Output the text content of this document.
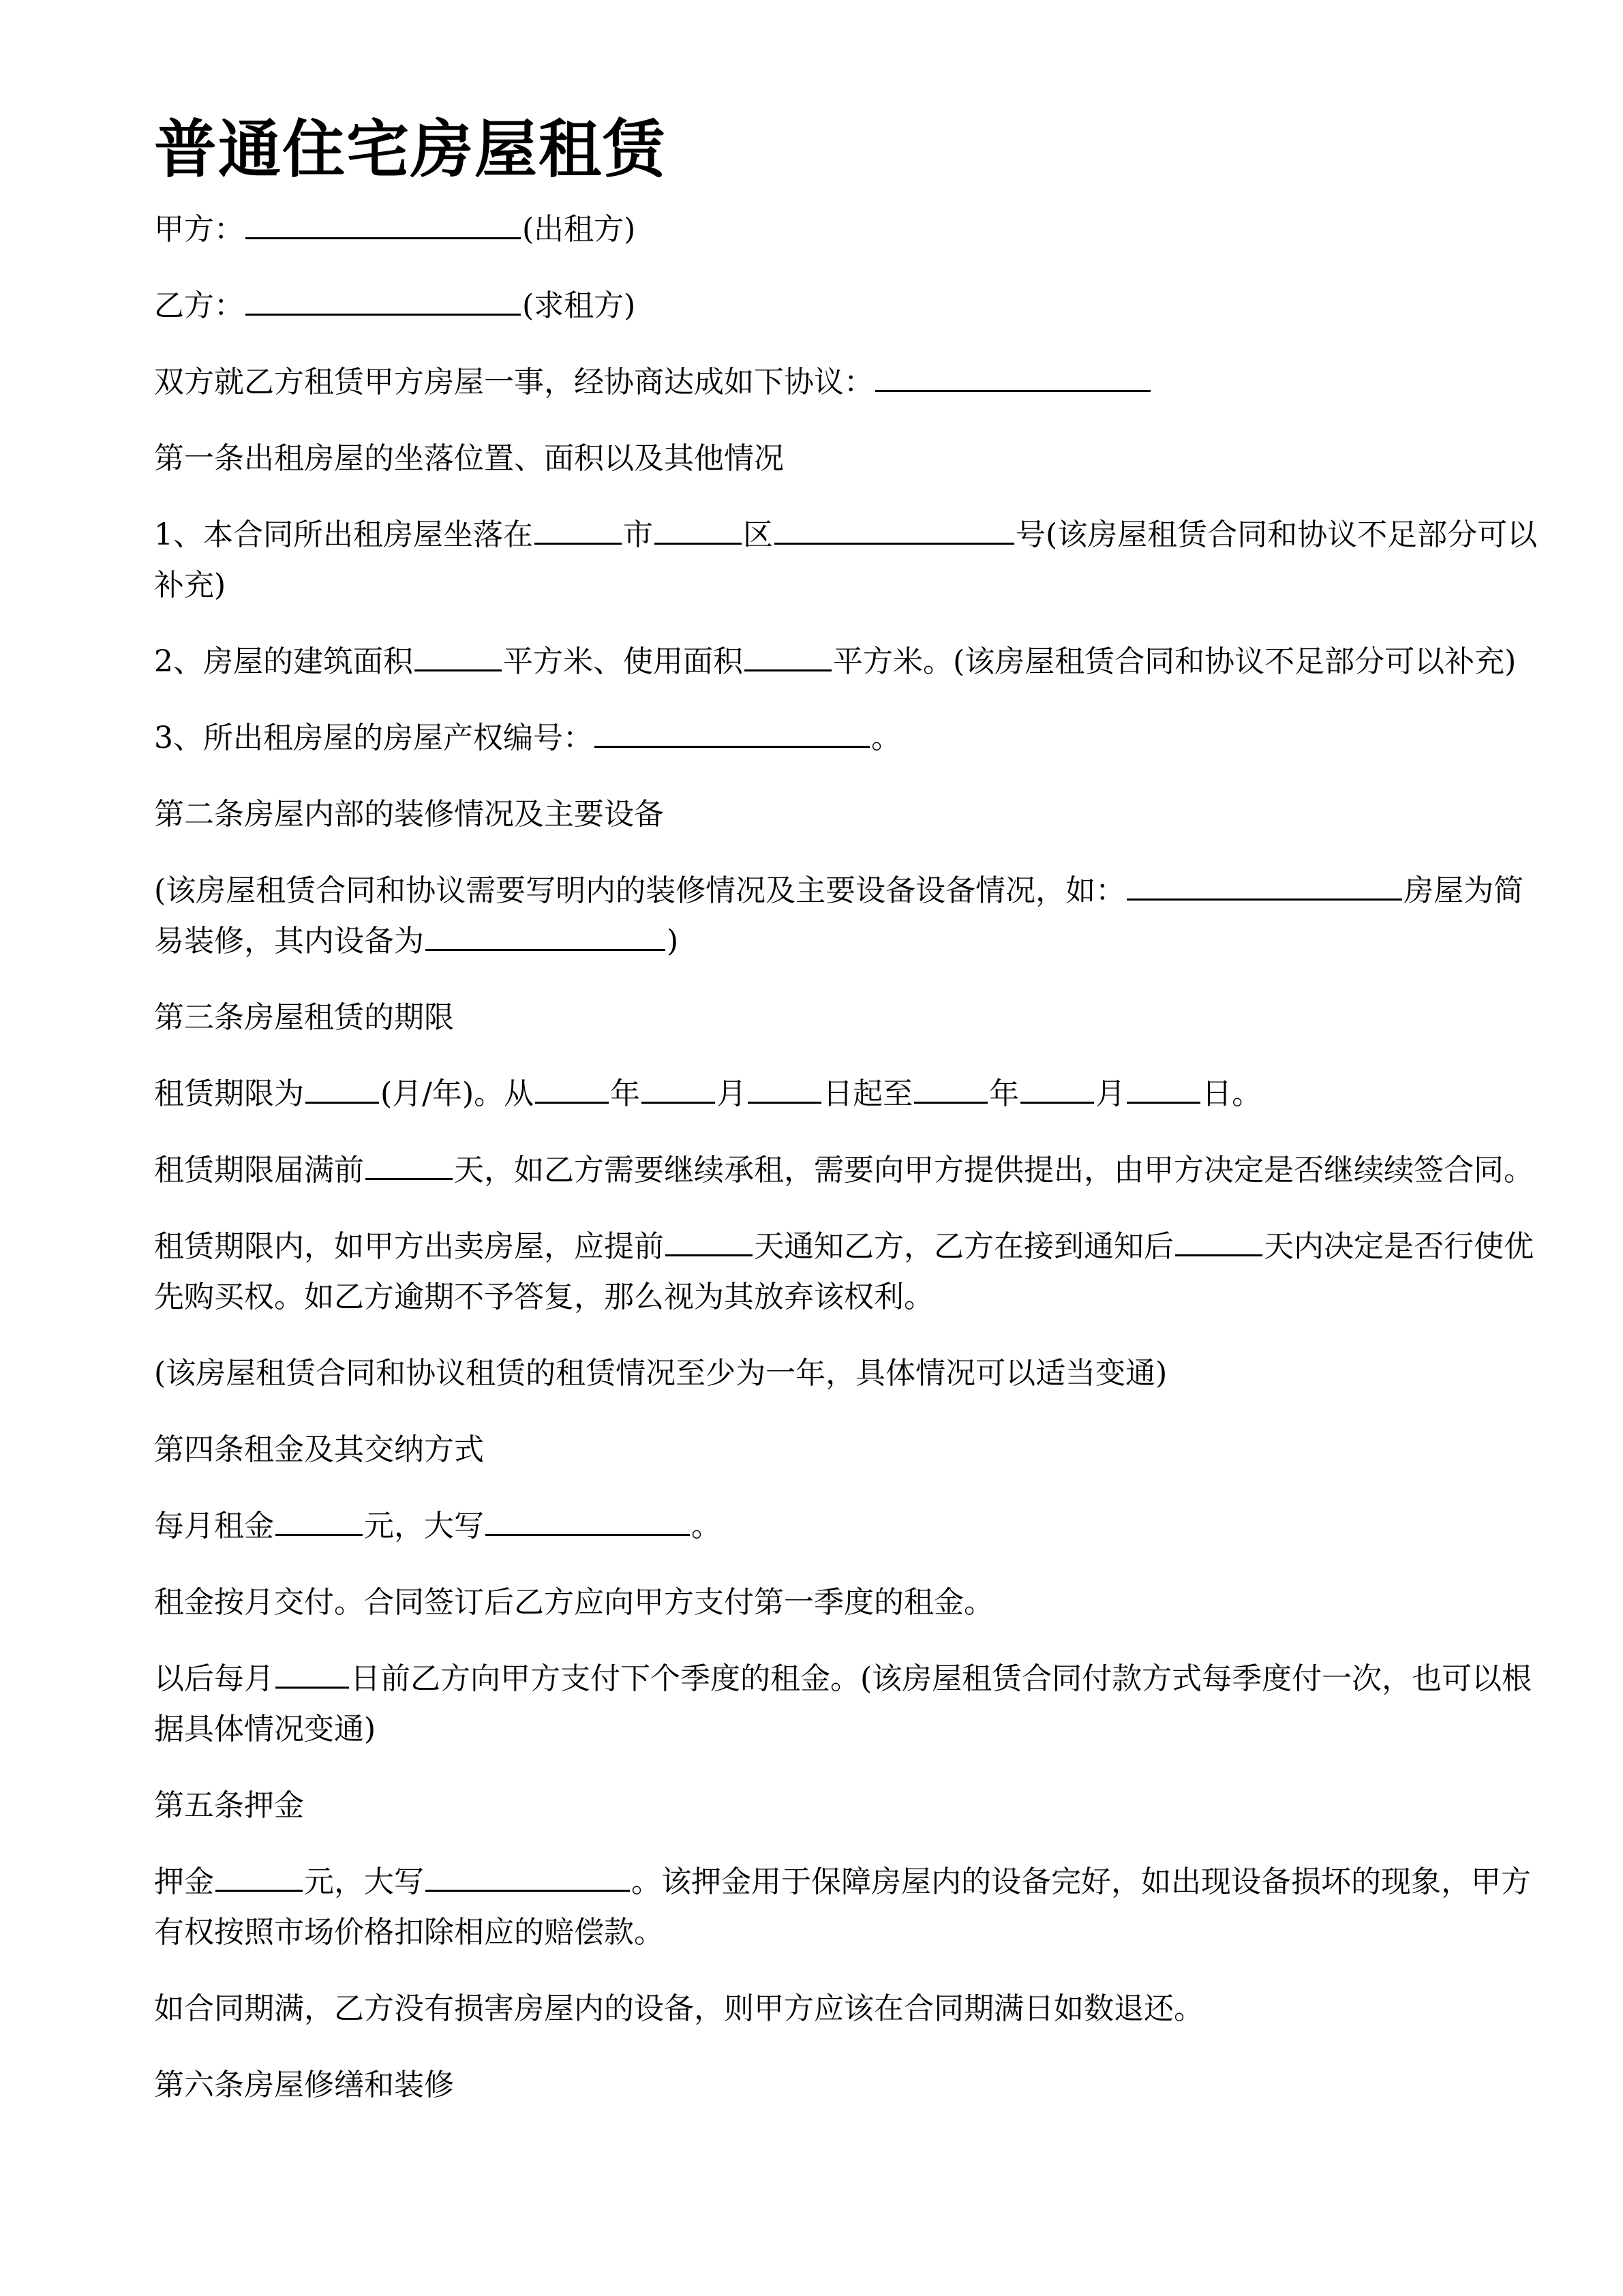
普通住宅房屋租赁

甲方：	(出租方)

乙方：	(求租方)

双方就乙方租赁甲方房屋一事，经协商达成如下协议：

第一条出租房屋的坐落位置、面积以及其他情况

1、本合同所出租房屋坐落在	市	区	号(该房屋租赁合同和协议不足部分可以补充)

2、房屋的建筑面积	平方米、使用面积	平方米。(该房屋租赁合同和协议不足部分可以补充)

3、所出租房屋的房屋产权编号：	。

第二条房屋内部的装修情况及主要设备

(该房屋租赁合同和协议需要写明内的装修情况及主要设备设备情况，如：	房屋为简易装修，其内设备为	)

第三条房屋租赁的期限

租赁期限为	(月/年)。从	年	月	日起至	年	月	日。

租赁期限届满前	天，如乙方需要继续承租，需要向甲方提供提出，由甲方决定是否继续续签合同。

租赁期限内，如甲方出卖房屋，应提前	天通知乙方，乙方在接到通知后	天内决定是否行使优先购买权。如乙方逾期不予答复，那么视为其放弃该权利。

(该房屋租赁合同和协议租赁的租赁情况至少为一年，具体情况可以适当变通)

第四条租金及其交纳方式

每月租金	元，大写	。

租金按月交付。合同签订后乙方应向甲方支付第一季度的租金。

以后每月	日前乙方向甲方支付下个季度的租金。(该房屋租赁合同付款方式每季度付一次，也可以根据具体情况变通)

第五条押金

押金	元，大写	。该押金用于保障房屋内的设备完好，如出现设备损坏的现象，甲方有权按照市场价格扣除相应的赔偿款。

如合同期满，乙方没有损害房屋内的设备，则甲方应该在合同期满日如数退还。

第六条房屋修缮和装修
